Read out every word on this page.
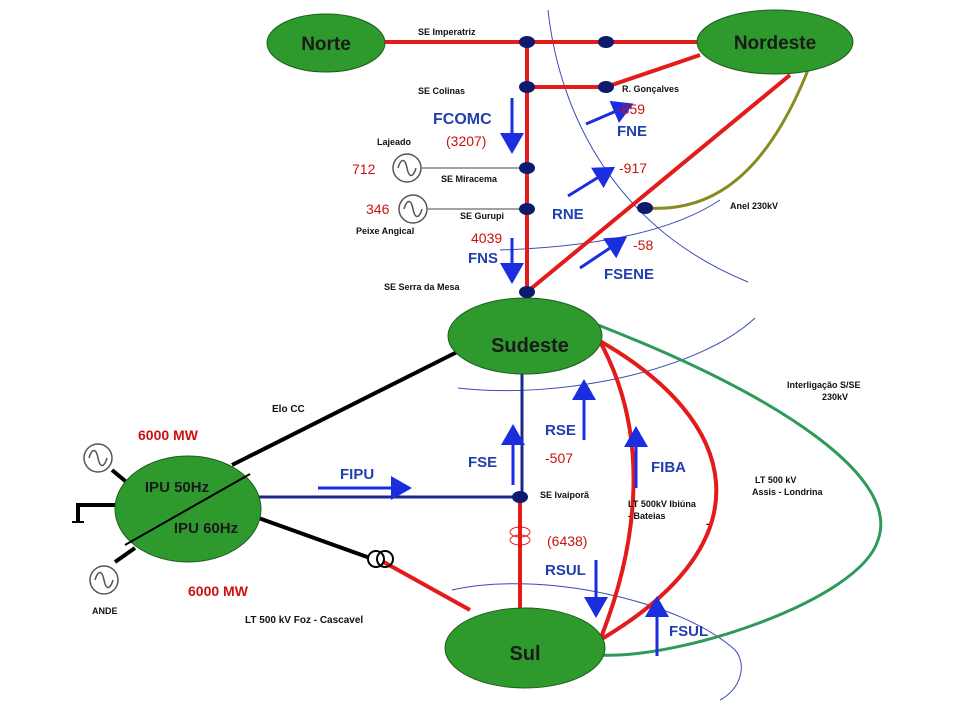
Norte	Nordeste
Sudeste
Sul
IPU 50Hz
IPU 60Hz
SE Imperatriz
SE Colinas	R. Gonçalves
SE Miracema
SE Gurupi
SE Serra da Mesa
SE Ivaiporã
Lajeado
Peixe Angical
ANDE
FCOMC
FNE
RNE
FNS
FSENE
RSE
FSE	FIBA
FIPU
RSUL
FSUL
(3207)
-859
712	-917
346
4039	-58
-507
(6438)
Anel 230kV
Interligação S/SE
230kV
Elo CC
LT 500kV Ibiúna
- Bateias
LT 500 kV
Assis - Londrina
LT 500 kV Foz - Cascavel
-
6000 MW
6000 MW
